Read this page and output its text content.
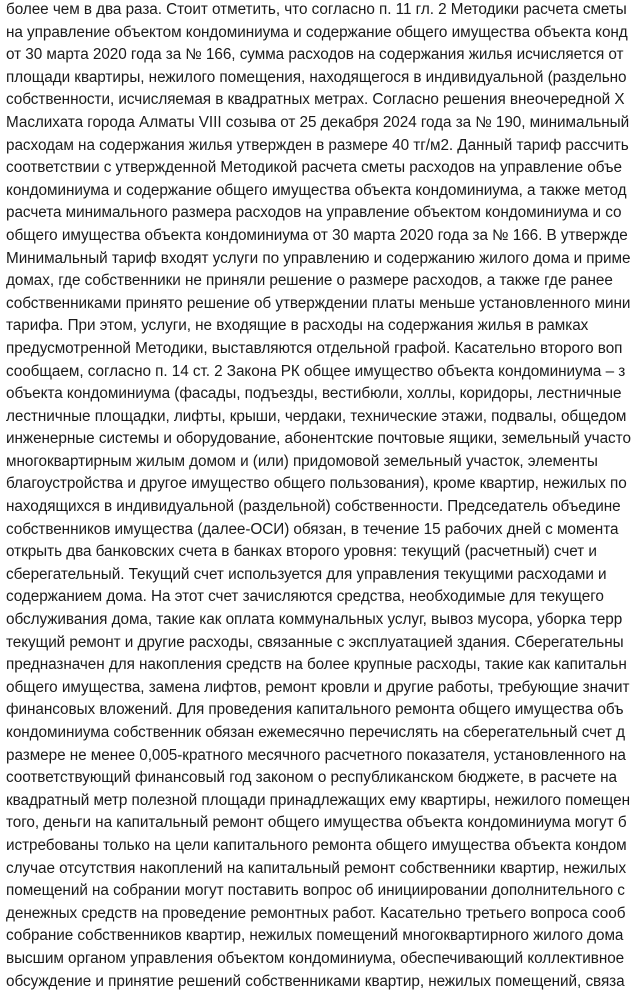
более чем в два раза. Стоит отметить, что согласно п. 11 гл. 2 Методики расчета сметы
на управление объектом кондоминиума и содержание общего имущества объекта конд
от 30 марта 2020 года за № 166, сумма расходов на содержания жилья исчисляется от
площади квартиры, нежилого помещения, находящегося в индивидуальной (раздельно
собственности, исчисляемая в квадратных метрах. Согласно решения внеочередной Х
Маслихата города Алматы VIII созыва от 25 декабря 2024 года за № 190, минимальный
расходам на содержания жилья утвержден в размере 40 тг/м2. Данный тариф рассчить
соответствии с утвержденной Методикой расчета сметы расходов на управление объе
кондоминиума и содержание общего имущества объекта кондоминиума, а также метод
расчета минимального размера расходов на управление объектом кондоминиума и со
общего имущества объекта кондоминиума от 30 марта 2020 года за № 166. В утвержде
Минимальный тариф входят услуги по управлению и содержанию жилого дома и приме
домах, где собственники не приняли решение о размере расходов, а также где ранее
собственниками принято решение об утверждении платы меньше установленного мини
тарифа. При этом, услуги, не входящие в расходы на содержания жилья в рамках
предусмотренной Методики, выставляются отдельной графой. Касательно второго воп
сообщаем, согласно п. 14 ст. 2 Закона РК общее имущество объекта кондоминиума – з
объекта кондоминиума (фасады, подъезды, вестибюли, холлы, коридоры, лестничные
лестничные площадки, лифты, крыши, чердаки, технические этажи, подвалы, общедом
инженерные системы и оборудование, абонентские почтовые ящики, земельный участо
многоквартирным жилым домом и (или) придомовой земельный участок, элементы
благоустройства и другое имущество общего пользования), кроме квартир, нежилых по
находящихся в индивидуальной (раздельной) собственности. Председатель объедине
собственников имущества (далее-ОСИ) обязан, в течение 15 рабочих дней с момента
открыть два банковских счета в банках второго уровня: текущий (расчетный) счет и
сберегательный. Текущий счет используется для управления текущими расходами и
содержанием дома. На этот счет зачисляются средства, необходимые для текущего
обслуживания дома, такие как оплата коммунальных услуг, вывоз мусора, уборка терр
текущий ремонт и другие расходы, связанные с эксплуатацией здания. Сберегательны
предназначен для накопления средств на более крупные расходы, такие как капитальн
общего имущества, замена лифтов, ремонт кровли и другие работы, требующие значит
финансовых вложений. Для проведения капитального ремонта общего имущества объ
кондоминиума собственник обязан ежемесячно перечислять на сберегательный счет д
размере не менее 0,005-кратного месячного расчетного показателя, установленного на
соответствующий финансовый год законом о республиканском бюджете, в расчете на
квадратный метр полезной площади принадлежащих ему квартиры, нежилого помещен
того, деньги на капитальный ремонт общего имущества объекта кондоминиума могут б
истребованы только на цели капитального ремонта общего имущества объекта кондом
случае отсутствия накоплений на капитальный ремонт собственники квартир, нежилых
помещений на собрании могут поставить вопрос об инициировании дополнительного с
денежных средств на проведение ремонтных работ. Касательно третьего вопроса сооб
собрание собственников квартир, нежилых помещений многоквартирного жилого дома
высшим органом управления объектом кондоминиума, обеспечивающий коллективное
обсуждение и принятие решений собственниками квартир, нежилых помещений, связа
